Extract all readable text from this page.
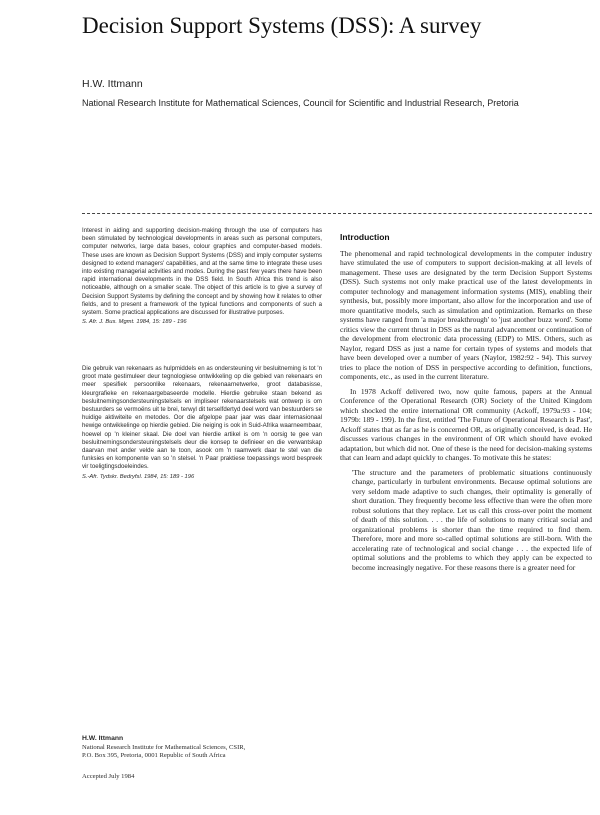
Decision Support Systems (DSS): A survey
H.W. Ittmann
National Research Institute for Mathematical Sciences, Council for Scientific and Industrial Research, Pretoria

Interest in aiding and supporting decision-making through the use of computers has been stimulated by technological developments in areas such as personal computers, computer networks, large data bases, colour graphics and computer-based models. These uses are known as Decision Support Systems (DSS) and imply computer systems designed to extend managers' capabilities, and at the same time to integrate these uses into existing managerial activities and modes. During the past few years there have been rapid international developments in the DSS field. In South Africa this trend is also noticeable, although on a smaller scale. The object of this article is to give a survey of Decision Support Systems by defining the concept and by showing how it relates to other fields, and to present a framework of the typical functions and components of such a system. Some practical applications are discussed for illustrative purposes.

S. Afr. J. Bus. Mgmt. 1984, 15: 189 - 196

Die gebruik van rekenaars as hulpmiddels en as ondersteuning vir besluitneming is tot 'n groot mate gestimuleer deur tegnologiese ontwikkeling op die gebied van rekenaars en meer spesifiek persoonlike rekenaars, rekenaarnetwerke, groot databasisse, kleurgrafieke en rekenaargebaseerde modelle. Hierdie gebruike staan bekend as besluitnemingsondersteuningstelsels en impliseer rekenaarstelsels wat ontwerp is om bestuurders se vermoëns uit te brei, terwyl dit terselfdertyd deel word van bestuurders se huidige aktiwiteite en metodes. Oor die afgelope paar jaar was daar internasionaal hewige ontwikkelinge op hierdie gebied. Die neiging is ook in Suid-Afrika waarneembaar, hoewel op 'n kleiner skaal. Die doel van hierdie artikel is om 'n oorsig te gee van besluitnemingsondersteuningstelsels deur die konsep te definieer en die verwantskap daarvan met ander velde aan te toon, asook om 'n raamwerk daar te stel van die funksies en komponente van so 'n stelsel. 'n Paar praktiese toepassings word bespreek vir toeligtingsdoeleindes.

S.-Afr. Tydskr. Bedryfsl. 1984, 15: 189 - 196
H.W. Ittmann
National Research Institute for Mathematical Sciences, CSIR,
P.O. Box 395, Pretoria, 0001 Republic of South Africa
Accepted July 1984
Introduction

The phenomenal and rapid technological developments in the computer industry have stimulated the use of computers to support decision-making at all levels of management. These uses are designated by the term Decision Support Systems (DSS). Such systems not only make practical use of the latest developments in computer technology and management information systems (MIS), enabling their synthesis, but, possibly more important, also allow for the incorporation and use of more quantitative models, such as simulation and optimization. Remarks on these systems have ranged from 'a major breakthrough' to 'just another buzz word'. Some critics view the current thrust in DSS as the natural advancement or continuation of the development from electronic data processing (EDP) to MIS. Others, such as Naylor, regard DSS as just a name for certain types of systems and models that have been developed over a number of years (Naylor, 1982:92 - 94). This survey tries to place the notion of DSS in perspective according to definition, functions, components, etc., as used in the current literature.

In 1978 Ackoff delivered two, now quite famous, papers at the Annual Conference of the Operational Research (OR) Society of the United Kingdom which shocked the entire international OR community (Ackoff, 1979a:93 - 104; 1979b: 189 - 199). In the first, entitled 'The Future of Operational Research is Past', Ackoff states that as far as he is concerned OR, as originally conceived, is dead. He discusses various changes in the environment of OR which should have evoked adaptation, but which did not. One of these is the need for decision-making systems that can learn and adapt quickly to changes. To motivate this he states:

'The structure and the parameters of problematic situations continuously change, particularly in turbulent environments. Because optimal solutions are very seldom made adaptive to such changes, their optimality is generally of short duration. They frequently become less effective than were the often more robust solutions that they replace. Let us call this cross-over point the moment of death of this solution. . . . the life of solutions to many critical social and organizational problems is shorter than the time required to find them. Therefore, more and more so-called optimal solutions are still-born. With the accelerating rate of technological and social change . . . the expected life of optimal solutions and the problems to which they apply can be expected to become increasingly negative. For these reasons there is a greater need for
